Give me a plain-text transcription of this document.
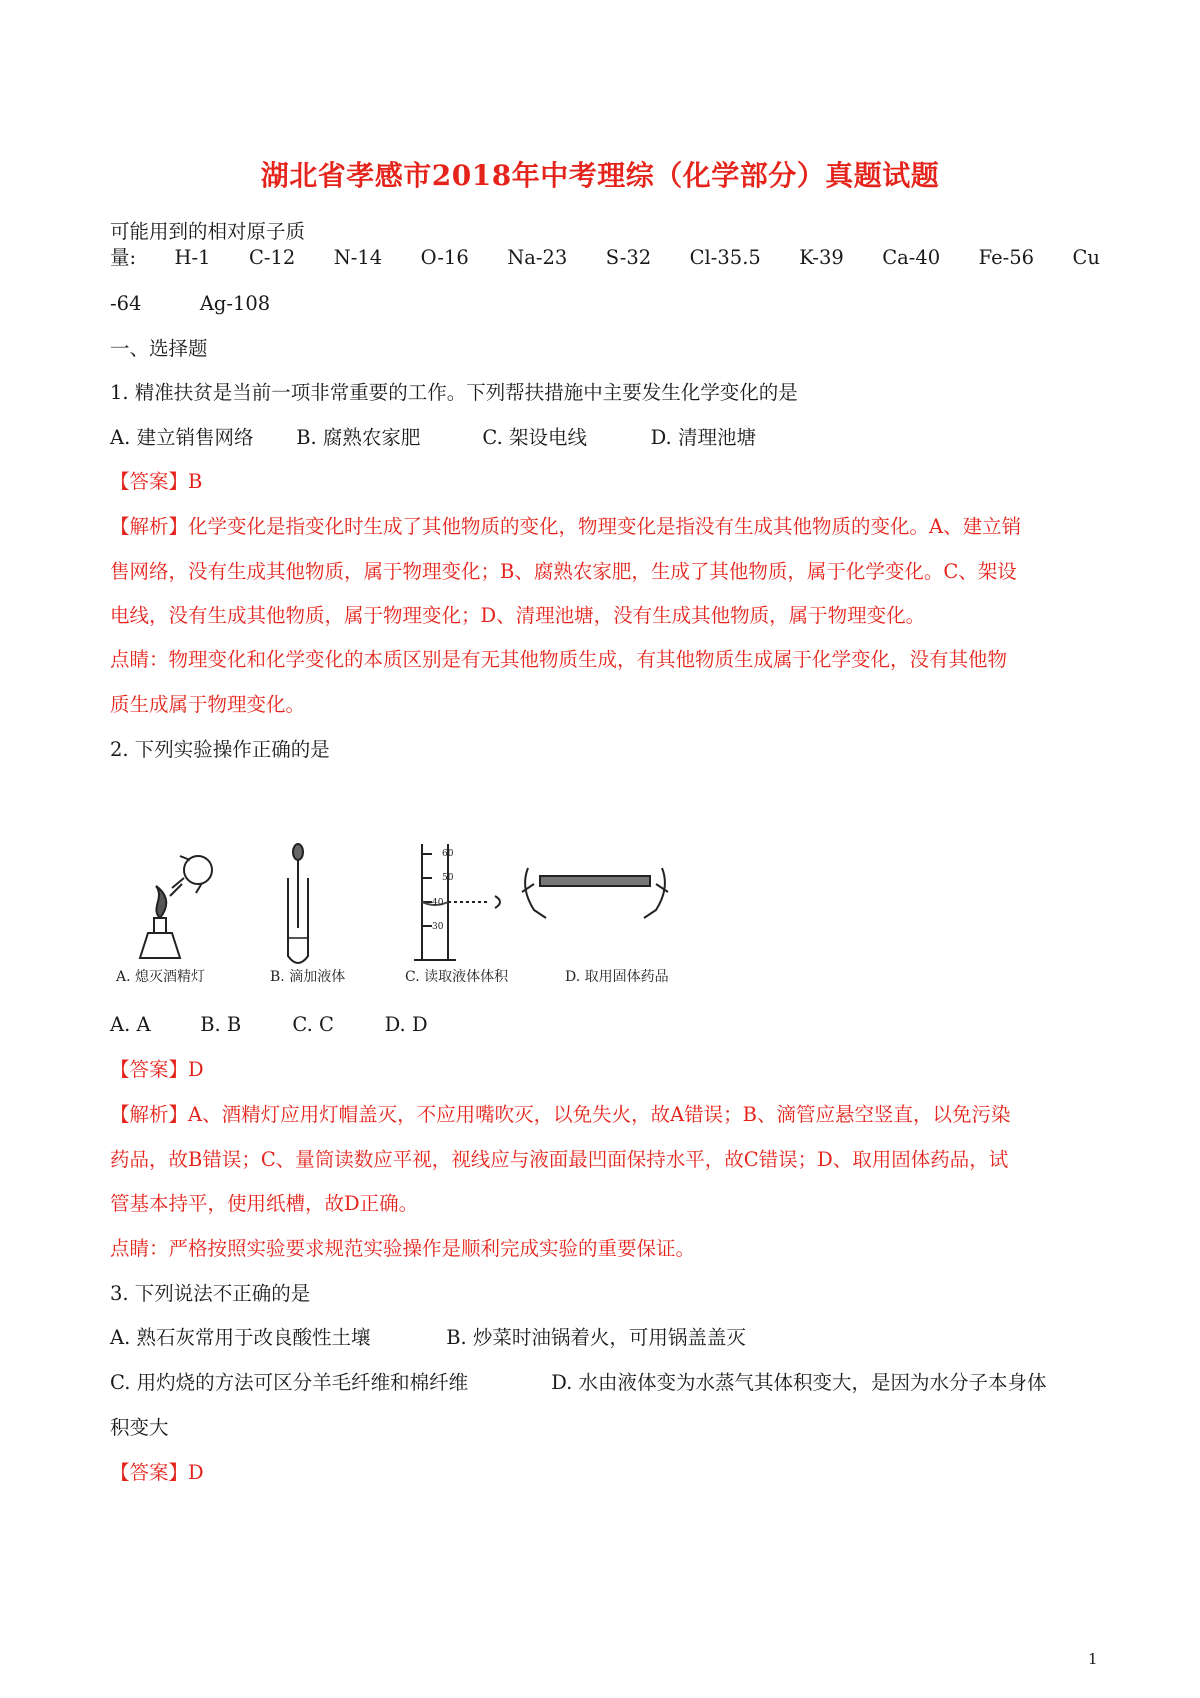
湖北省孝感市2018年中考理综（化学部分）真题试题
可能用到的相对原子质
量: H-1 C-12 N-14 O-16 Na-23 S-32 Cl-35.5 K-39 Ca-40 Fe-56 Cu
-64	Ag-108
一、选择题
1. 精准扶贫是当前一项非常重要的工作。下列帮扶措施中主要发生化学变化的是
A. 建立销售网络 B. 腐熟农家肥	C. 架设电线	D. 清理池塘
【答案】B
【解析】化学变化是指变化时生成了其他物质的变化，物理变化是指没有生成其他物质的变化。A、建立销
售网络，没有生成其他物质，属于物理变化；B、腐熟农家肥，生成了其他物质，属于化学变化。C、架设
电线，没有生成其他物质，属于物理变化；D、清理池塘，没有生成其他物质，属于物理变化。
点睛：物理变化和化学变化的本质区别是有无其他物质生成，有其他物质生成属于化学变化，没有其他物
质生成属于物理变化。
2. 下列实验操作正确的是
60
50
40
30
A. 熄灭酒精灯	B. 滴加液体	C. 读取液体体积	D. 取用固体药品
A. A	B. B	C. C	D. D
【答案】D
【解析】A、酒精灯应用灯帽盖灭，不应用嘴吹灭，以免失火，故A错误；B、滴管应悬空竖直，以免污染
药品，故B错误；C、量筒读数应平视，视线应与液面最凹面保持水平，故C错误；D、取用固体药品，试
管基本持平，使用纸槽，故D正确。
点睛：严格按照实验要求规范实验操作是顺利完成实验的重要保证。
3. 下列说法不正确的是
A. 熟石灰常用于改良酸性土壤	B. 炒菜时油锅着火，可用锅盖盖灭
C. 用灼烧的方法可区分羊毛纤维和棉纤维	D. 水由液体变为水蒸气其体积变大，是因为水分子本身体
积变大
【答案】D
1
